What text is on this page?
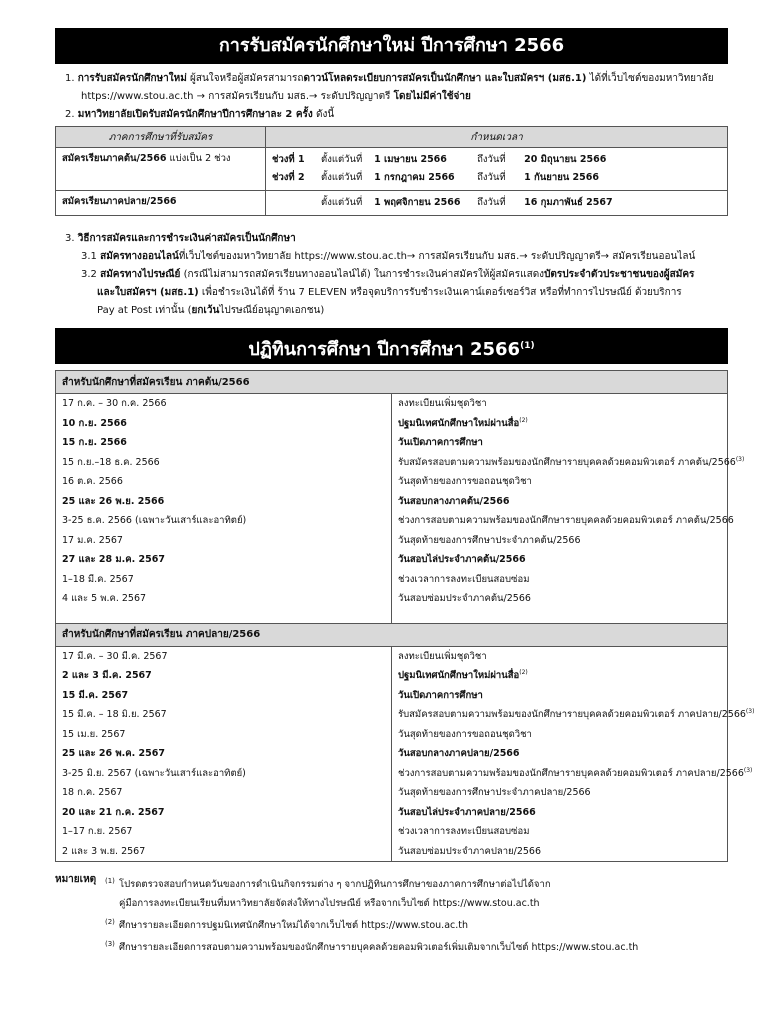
การรับสมัครนักศึกษาใหม่ ปีการศึกษา 2566
1. การรับสมัครนักศึกษาใหม่ ผู้สนใจหรือผู้สมัครสามารถดาวน์โหลดระเบียบการสมัครเป็นนักศึกษา และใบสมัครฯ (มสธ.1) ได้ที่เว็บไซต์ของมหาวิทยาลัย
https://www.stou.ac.th → การสมัครเรียนกับ มสธ.→ ระดับปริญญาตรี โดยไม่มีค่าใช้จ่าย
2. มหาวิทยาลัยเปิดรับสมัครนักศึกษาปีการศึกษาละ 2 ครั้ง ดังนี้
ภาคการศึกษาที่รับสมัคร	กำหนดเวลา
สมัครเรียนภาคต้น/2566 แบ่งเป็น 2 ช่วง	ช่วงที่ 1 ตั้งแต่วันที่ 1 เมษายน 2566 ถึงวันที่ 20 มิถุนายน 2566
ช่วงที่ 2 ตั้งแต่วันที่ 1 กรกฎาคม 2566 ถึงวันที่ 1 กันยายน 2566

สมัครเรียนภาคปลาย/2566	ตั้งแต่วันที่ 1 พฤศจิกายน 2566 ถึงวันที่ 16 กุมภาพันธ์ 2567
3. วิธีการสมัครและการชำระเงินค่าสมัครเป็นนักศึกษา
3.1 สมัครทางออนไลน์ที่เว็บไซต์ของมหาวิทยาลัย https://www.stou.ac.th→ การสมัครเรียนกับ มสธ.→ ระดับปริญญาตรี→ สมัครเรียนออนไลน์
3.2 สมัครทางไปรษณีย์ (กรณีไม่สามารถสมัครเรียนทางออนไลน์ได้) ในการชำระเงินค่าสมัครให้ผู้สมัครแสดงบัตรประจำตัวประชาชนของผู้สมัคร
และใบสมัครฯ (มสธ.1) เพื่อชำระเงินได้ที่ ร้าน 7 ELEVEN หรือจุดบริการรับชำระเงินเคาน์เตอร์เซอร์วิส หรือที่ทำการไปรษณีย์ ด้วยบริการ
Pay at Post เท่านั้น (ยกเว้นไปรษณีย์อนุญาตเอกชน)
ปฏิทินการศึกษา ปีการศึกษา 2566$^{(1)}$
สำหรับนักศึกษาที่สมัครเรียน ภาคต้น/2566	
17 ก.ค. – 30 ก.ค. 2566	ลงทะเบียนเพิ่มชุดวิชา
10 ก.ย. 2566	ปฐมนิเทศนักศึกษาใหม่ผ่านสื่อ$^{(2)}$
15 ก.ย. 2566	วันเปิดภาคการศึกษา
15 ก.ย.–18 ธ.ค. 2566	รับสมัครสอบตามความพร้อมของนักศึกษารายบุคคลด้วยคอมพิวเตอร์ ภาคต้น/2566$^{(3)}$
16 ต.ค. 2566	วันสุดท้ายของการขอถอนชุดวิชา
25 และ 26 พ.ย. 2566	วันสอบกลางภาคต้น/2566
3-25 ธ.ค. 2566 (เฉพาะวันเสาร์และอาทิตย์)	ช่วงการสอบตามความพร้อมของนักศึกษารายบุคคลด้วยคอมพิวเตอร์ ภาคต้น/2566
17 ม.ค. 2567	วันสุดท้ายของการศึกษาประจำภาคต้น/2566
27 และ 28 ม.ค. 2567	วันสอบไล่ประจำภาคต้น/2566
1–18 มี.ค. 2567	ช่วงเวลาการลงทะเบียนสอบซ่อม
4 และ 5 พ.ค. 2567	วันสอบซ่อมประจำภาคต้น/2566

สำหรับนักศึกษาที่สมัครเรียน ภาคปลาย/2566	
17 มี.ค. – 30 มี.ค. 2567	ลงทะเบียนเพิ่มชุดวิชา
2 และ 3 มี.ค. 2567	ปฐมนิเทศนักศึกษาใหม่ผ่านสื่อ$^{(2)}$
15 มี.ค. 2567	วันเปิดภาคการศึกษา
15 มี.ค. – 18 มิ.ย. 2567	รับสมัครสอบตามความพร้อมของนักศึกษารายบุคคลด้วยคอมพิวเตอร์ ภาคปลาย/2566$^{(3)}$
15 เม.ย. 2567	วันสุดท้ายของการขอถอนชุดวิชา
25 และ 26 พ.ค. 2567	วันสอบกลางภาคปลาย/2566
3-25 มิ.ย. 2567 (เฉพาะวันเสาร์และอาทิตย์)	ช่วงการสอบตามความพร้อมของนักศึกษารายบุคคลด้วยคอมพิวเตอร์ ภาคปลาย/2566$^{(3)}$
18 ก.ค. 2567	วันสุดท้ายของการศึกษาประจำภาคปลาย/2566
20 และ 21 ก.ค. 2567	วันสอบไล่ประจำภาคปลาย/2566
1–17 ก.ย. 2567	ช่วงเวลาการลงทะเบียนสอบซ่อม
2 และ 3 พ.ย. 2567	วันสอบซ่อมประจำภาคปลาย/2566
หมายเหตุ (1) โปรดตรวจสอบกำหนดวันของการดำเนินกิจกรรมต่าง ๆ จากปฏิทินการศึกษาของภาคการศึกษาต่อไปได้จาก
คู่มือการลงทะเบียนเรียนที่มหาวิทยาลัยจัดส่งให้ทางไปรษณีย์ หรือจากเว็บไซต์ https://www.stou.ac.th
(2) ศึกษารายละเอียดการปฐมนิเทศนักศึกษาใหม่ได้จากเว็บไซต์ https://www.stou.ac.th
(3) ศึกษารายละเอียดการสอบตามความพร้อมของนักศึกษารายบุคคลด้วยคอมพิวเตอร์เพิ่มเติมจากเว็บไซต์ https://www.stou.ac.th
